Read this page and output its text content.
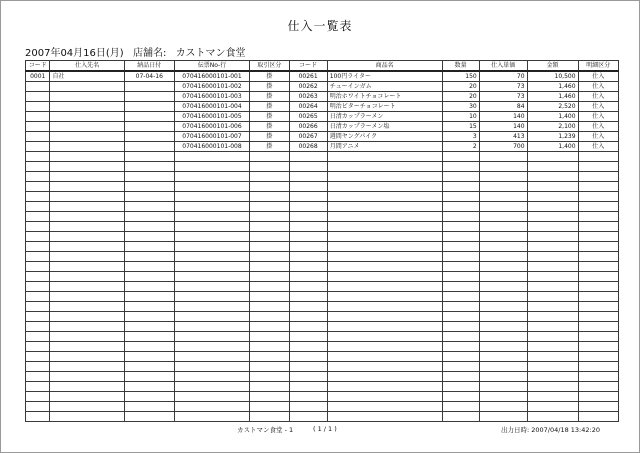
仕入一覧表
2007年04月16日(月) 店舗名: カストマン食堂
コード	仕入先名	納品日付	伝票No-行	取引区分	コード	商品名	数量	仕入単価	金額	明細区分
0001	自社	07-04-16	070416000101-001	掛	00261	100円ライター	150	70	10,500	仕入
			070416000101-002	掛	00262	チューインガム	20	73	1,460	仕入
			070416000101-003	掛	00263	明治ホワイトチョコレート	20	73	1,460	仕入
			070416000101-004	掛	00264	明治ビターチョコレート	30	84	2,520	仕入
			070416000101-005	掛	00265	日清カップラーメン	10	140	1,400	仕入
			070416000101-006	掛	00266	日清カップラーメン塩	15	140	2,100	仕入
			070416000101-007	掛	00267	週間ヤングパイク	3	413	1,239	仕入
			070416000101-008	掛	00268	月間アニメ	2	700	1,400	仕入

カストマン食堂 - 1	( 1 / 1 )	出力日時: 2007/04/18 13:42:20
